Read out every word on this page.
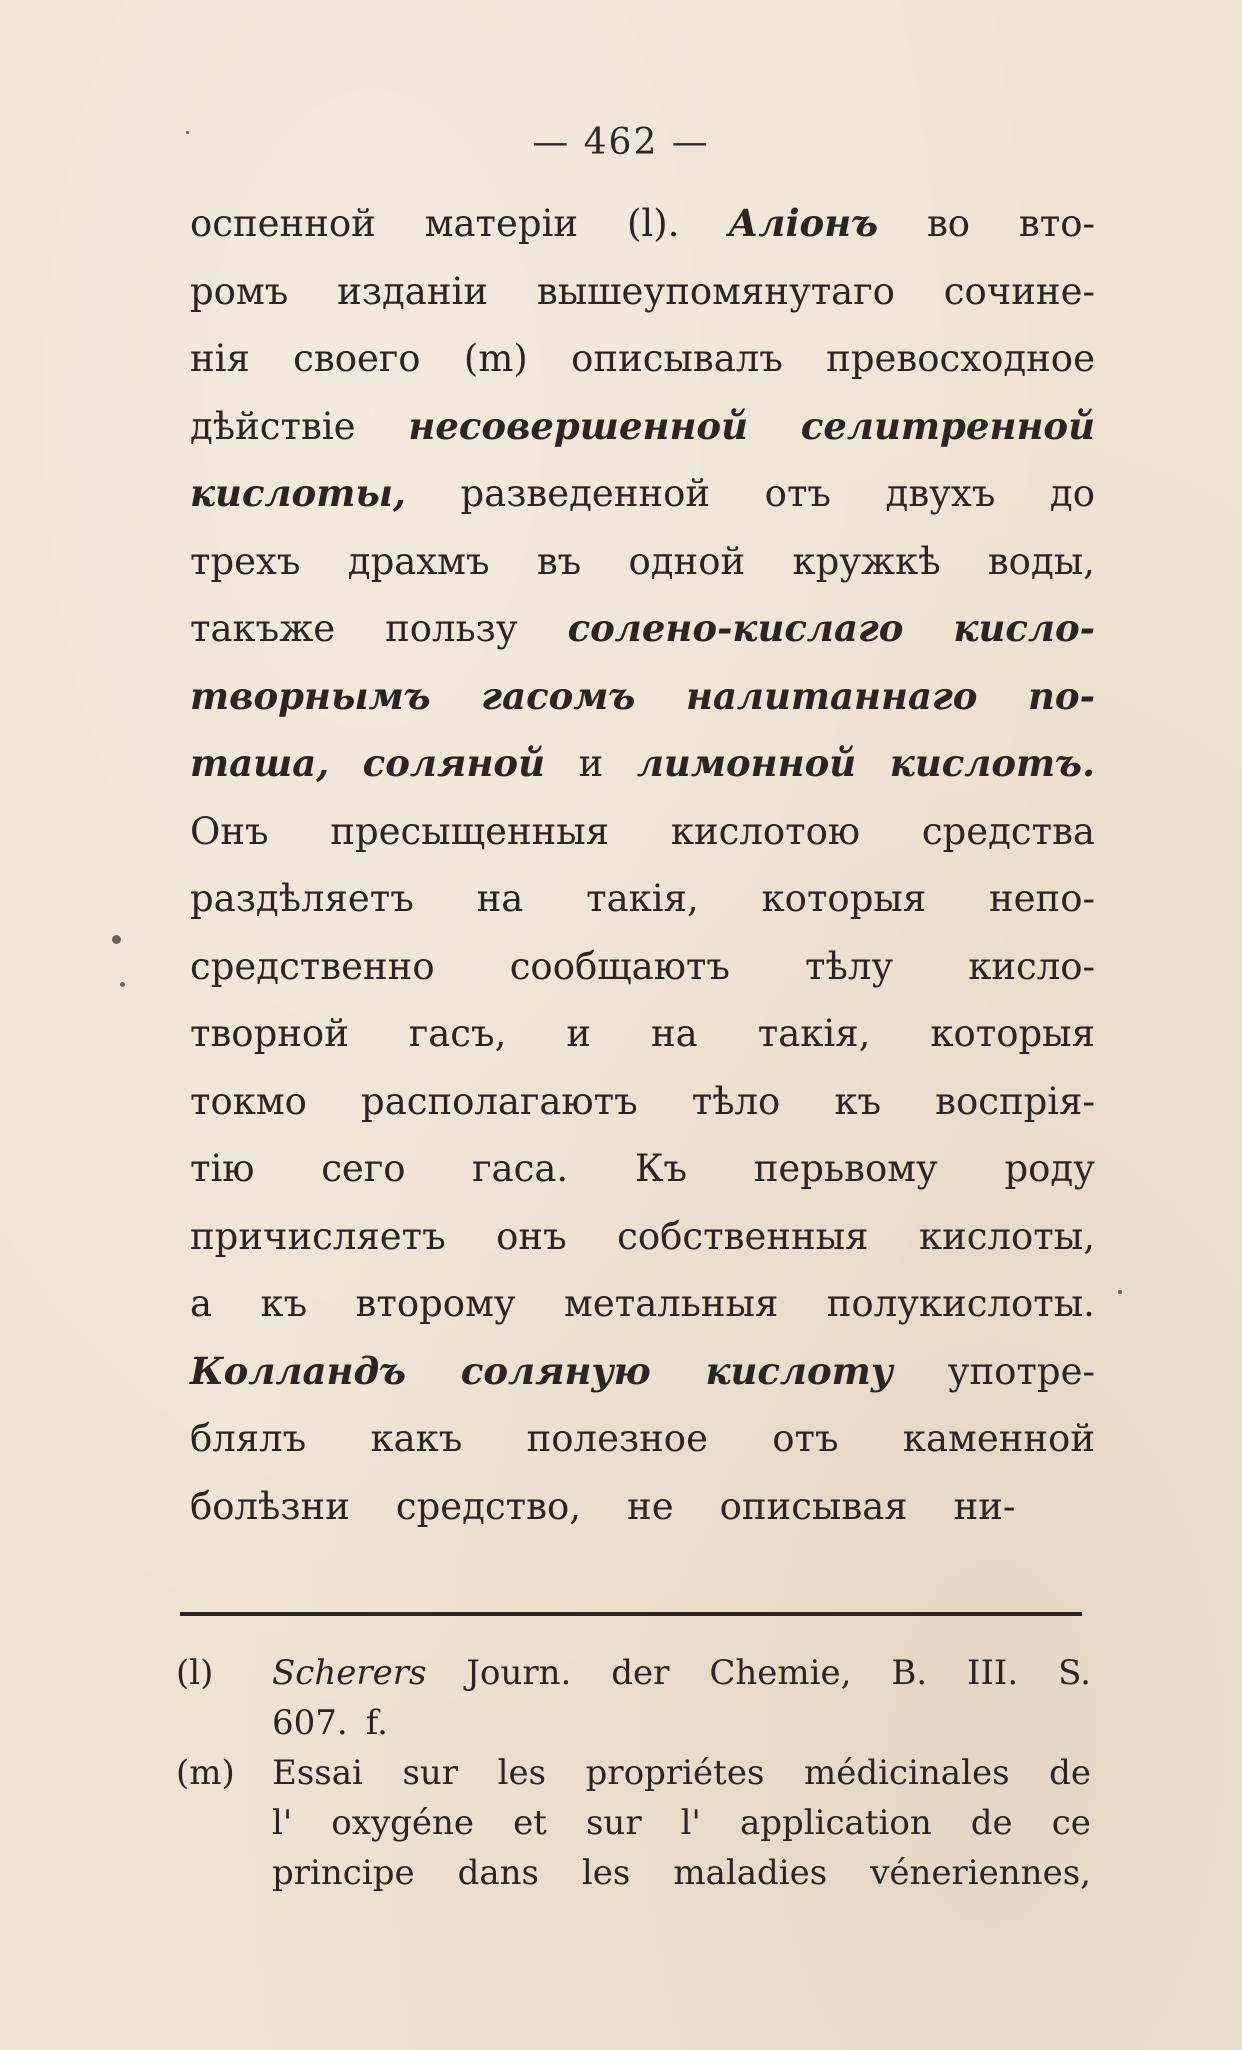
— 462 —
оспенной матеріи (l). Аліонъ во вто-
ромъ изданіи вышеупомянутаго сочине-
нія своего (m) описывалъ превосходное
дѣйствіе несовершенной селитренной
кислоты, разведенной отъ двухъ до
трехъ драхмъ въ одной кружкѣ воды,
такъже пользу солено-кислаго кисло-
творнымъ гасомъ налитаннаго по-
таша, соляной и лимонной кислотъ.
Онъ пресыщенныя кислотою средства
раздѣляетъ на такія, которыя непо-
средственно сообщаютъ тѣлу кисло-
творной гасъ, и на такія, которыя
токмо располагаютъ тѣло къ воспрія-
тію сего гаса. Къ перьвому роду
причисляетъ онъ собственныя кислоты,
а къ второму метальныя полукислоты.
Колландъ соляную кислоту употре-
блялъ какъ полезное отъ каменной
болѣзни средство, не описывая ни-
(l)	Scherers Journ. der Chemie, B. III. S.
607. f.
(m)	Essai sur les propriétes médicinales de
l' oxygéne et sur l' application de ce
principe dans les maladies véneriennes,
